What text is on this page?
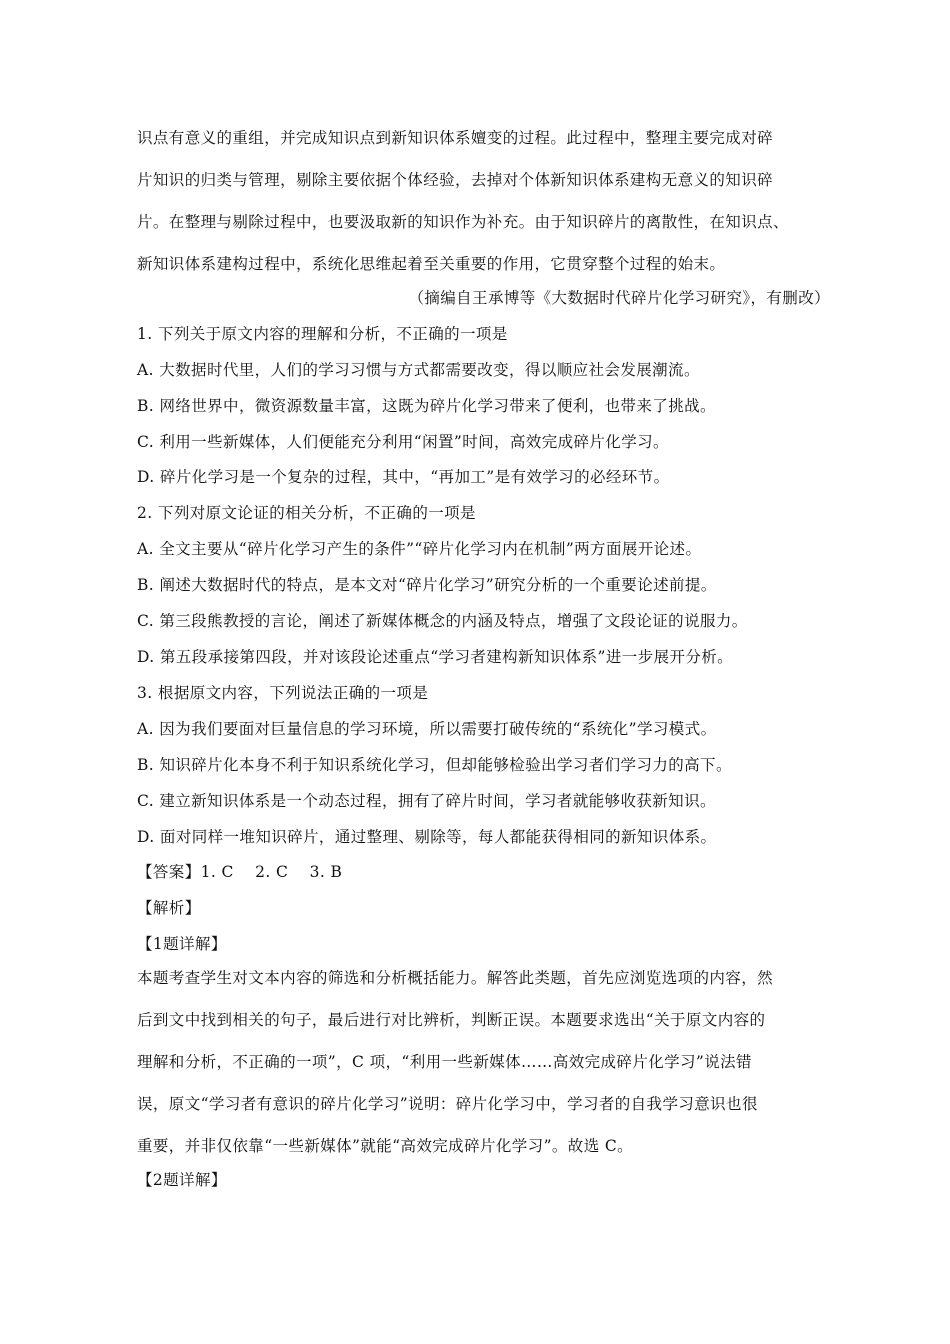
识点有意义的重组，并完成知识点到新知识体系嬗变的过程。此过程中，整理主要完成对碎
片知识的归类与管理，剔除主要依据个体经验，去掉对个体新知识体系建构无意义的知识碎
片。在整理与剔除过程中，也要汲取新的知识作为补充。由于知识碎片的离散性，在知识点、
新知识体系建构过程中，系统化思维起着至关重要的作用，它贯穿整个过程的始末。
（摘编自王承博等《大数据时代碎片化学习研究》，有删改）
1. 下列关于原文内容的理解和分析，不正确的一项是
A. 大数据时代里，人们的学习习惯与方式都需要改变，得以顺应社会发展潮流。
B. 网络世界中，微资源数量丰富，这既为碎片化学习带来了便利，也带来了挑战。
C. 利用一些新媒体，人们便能充分利用“闲置”时间，高效完成碎片化学习。
D. 碎片化学习是一个复杂的过程，其中，“再加工”是有效学习的必经环节。
2. 下列对原文论证的相关分析，不正确的一项是
A. 全文主要从“碎片化学习产生的条件”“碎片化学习内在机制”两方面展开论述。
B. 阐述大数据时代的特点，是本文对“碎片化学习”研究分析的一个重要论述前提。
C. 第三段熊教授的言论，阐述了新媒体概念的内涵及特点，增强了文段论证的说服力。
D. 第五段承接第四段，并对该段论述重点“学习者建构新知识体系”进一步展开分析。
3. 根据原文内容，下列说法正确的一项是
A. 因为我们要面对巨量信息的学习环境，所以需要打破传统的“系统化”学习模式。
B. 知识碎片化本身不利于知识系统化学习，但却能够检验出学习者们学习力的高下。
C. 建立新知识体系是一个动态过程，拥有了碎片时间，学习者就能够收获新知识。
D. 面对同样一堆知识碎片，通过整理、剔除等，每人都能获得相同的新知识体系。
【答案】1. C    2. C    3. B
【解析】
【1题详解】
本题考查学生对文本内容的筛选和分析概括能力。解答此类题，首先应浏览选项的内容，然
后到文中找到相关的句子，最后进行对比辨析，判断正误。本题要求选出“关于原文内容的
理解和分析，不正确的一项”，C 项，“利用一些新媒体……高效完成碎片化学习”说法错
误，原文“学习者有意识的碎片化学习”说明：碎片化学习中，学习者的自我学习意识也很
重要，并非仅依靠“一些新媒体”就能“高效完成碎片化学习”。故选 C。
【2题详解】
